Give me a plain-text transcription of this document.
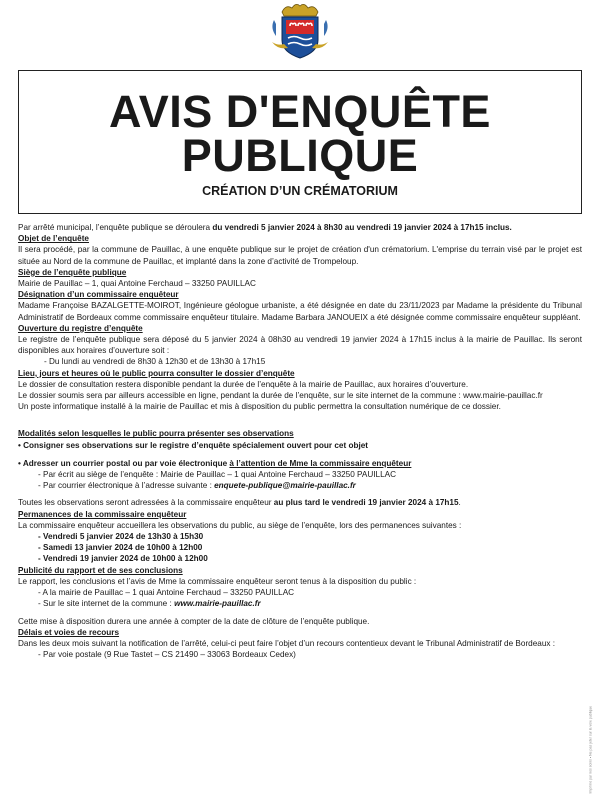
AVIS D'ENQUÊTE
PUBLIQUE
CRÉATION D’UN CRÉMATORIUM

Par arrêté municipal, l’enquête publique se déroulera du vendredi 5 janvier 2024 à 8h30 au vendredi 19 janvier 2024 à 17h15 inclus.

Objet de l’enquête

Il sera procédé, par la commune de Pauillac, à une enquête publique sur le projet de création d'un crématorium. L'emprise du terrain visé par le projet est située au Nord de la commune de Pauillac, et implanté dans la zone d’activité de Trompeloup.

Siège de l’enquête publique

Mairie de Pauillac – 1, quai Antoine Ferchaud – 33250 PAUILLAC

Désignation d’un commissaire enquêteur

Madame Françoise BAZALGETTE-MOIROT, Ingénieure géologue urbaniste, a été désignée en date du 23/11/2023 par Madame la présidente du Tribunal Administratif de Bordeaux comme commissaire enquêteur titulaire. Madame Barbara JANOUEIX a été désignée comme commissaire enquêteur suppléant.

Ouverture du registre d’enquête

Le registre de l’enquête publique sera déposé du 5 janvier 2024 à 08h30 au vendredi 19 janvier 2024 à 17h15 inclus à la mairie de Pauillac. Ils seront disponibles aux horaires d’ouverture soit :

- Du lundi au vendredi de 8h30 à 12h30 et de 13h30 à 17h15

Lieu, jours et heures où le public pourra consulter le dossier d’enquête

Le dossier de consultation restera disponible pendant la durée de l’enquête à la mairie de Pauillac, aux horaires d’ouverture.

Le dossier soumis sera par ailleurs accessible en ligne, pendant la durée de l’enquête, sur le site internet de la commune : www.mairie-pauillac.fr

Un poste informatique installé à la mairie de Pauillac et mis à disposition du public permettra la consultation numérique de ce dossier.

Modalités selon lesquelles le public pourra présenter ses observations

• Consigner ses observations sur le registre d’enquête spécialement ouvert pour cet objet

• Adresser un courrier postal ou par voie électronique à l’attention de Mme la commissaire enquêteur

- Par écrit au siège de l’enquête : Mairie de Pauillac – 1 quai Antoine Ferchaud – 33250 PAUILLAC

- Par courrier électronique à l’adresse suivante : enquete-publique@mairie-pauillac.fr

Toutes les observations seront adressées à la commissaire enquêteur au plus tard le vendredi 19 janvier 2024 à 17h15.

Permanences de la commissaire enquêteur

La commissaire enquêteur accueillera les observations du public, au siège de l’enquête, lors des permanences suivantes :

- Vendredi 5 janvier 2024 de 13h30 à 15h30

- Samedi 13 janvier 2024 de 10h00 à 12h00

- Vendredi 19 janvier 2024 de 10h00 à 12h00

Publicité du rapport et de ses conclusions

Le rapport, les conclusions et l’avis de Mme la commissaire enquêteur seront tenus à la disposition du public :

- A la mairie de Pauillac – 1 quai Antoine Ferchaud – 33250 PAUILLAC

- Sur le site internet de la commune : www.mairie-pauillac.fr

Cette mise à disposition durera une année à compter de la date de clôture de l’enquête publique.

Délais et voies de recours

Dans les deux mois suivant la notification de l’arrêté, celui-ci peut faire l’objet d’un recours contentieux devant le Tribunal Administratif de Bordeaux :

- Par voie postale (9 Rue Tastet – CS 21490 – 33063 Bordeaux Cedex)

Imprimé par nos soins • Ne pas jeter sur la voie publique
